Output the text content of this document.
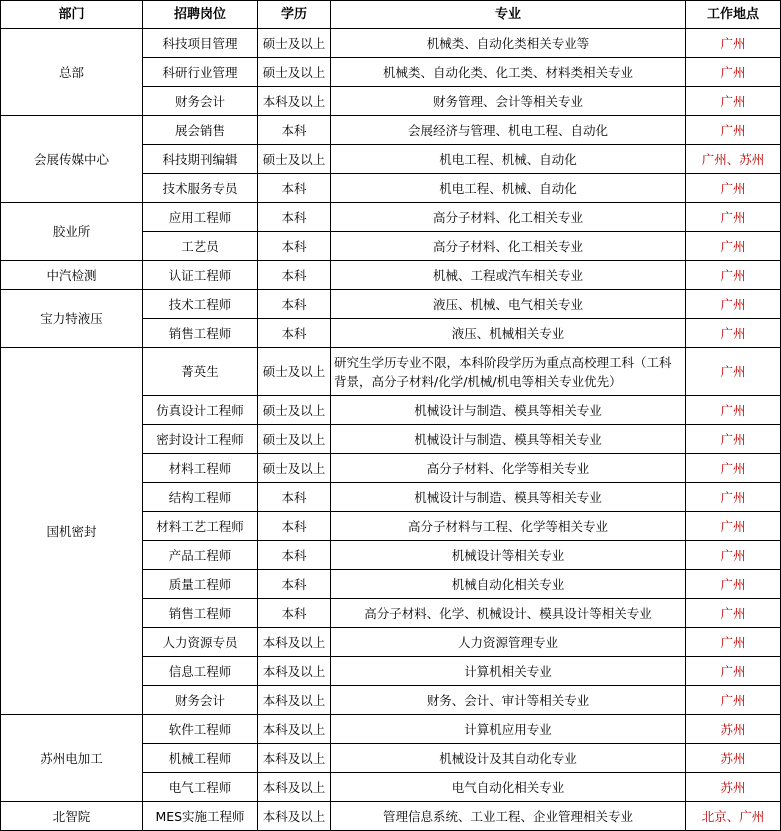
部门	招聘岗位	学历	专业	工作地点
总部	科技项目管理	硕士及以上	机械类、自动化类相关专业等	广州
	科研行业管理	硕士及以上	机械类、自动化类、化工类、材料类相关专业	广州
	财务会计	本科及以上	财务管理、会计等相关专业	广州
会展传媒中心	展会销售	本科	会展经济与管理、机电工程、自动化	广州
	科技期刊编辑	硕士及以上	机电工程、机械、自动化	广州、苏州
	技术服务专员	本科	机电工程、机械、自动化	广州
胶业所	应用工程师	本科	高分子材料、化工相关专业	广州
	工艺员	本科	高分子材料、化工相关专业	广州
中汽检测	认证工程师	本科	机械、工程或汽车相关专业	广州
宝力特液压	技术工程师	本科	液压、机械、电气相关专业	广州
	销售工程师	本科	液压、机械相关专业	广州
国机密封	菁英生	硕士及以上	研究生学历专业不限，本科阶段学历为重点高校理工科（工科背景，高分子材料/化学/机械/机电等相关专业优先）	广州
	仿真设计工程师	硕士及以上	机械设计与制造、模具等相关专业	广州
	密封设计工程师	硕士及以上	机械设计与制造、模具等相关专业	广州
	材料工程师	硕士及以上	高分子材料、化学等相关专业	广州
	结构工程师	本科	机械设计与制造、模具等相关专业	广州
	材料工艺工程师	本科	高分子材料与工程、化学等相关专业	广州
	产品工程师	本科	机械设计等相关专业	广州
	质量工程师	本科	机械自动化相关专业	广州
	销售工程师	本科	高分子材料、化学、机械设计、模具设计等相关专业	广州
	人力资源专员	本科及以上	人力资源管理专业	广州
	信息工程师	本科及以上	计算机相关专业	广州
	财务会计	本科及以上	财务、会计、审计等相关专业	广州
苏州电加工	软件工程师	本科及以上	计算机应用专业	苏州
	机械工程师	本科及以上	机械设计及其自动化专业	苏州
	电气工程师	本科及以上	电气自动化相关专业	苏州
北智院	MES实施工程师	本科及以上	管理信息系统、工业工程、企业管理相关专业	北京、广州
